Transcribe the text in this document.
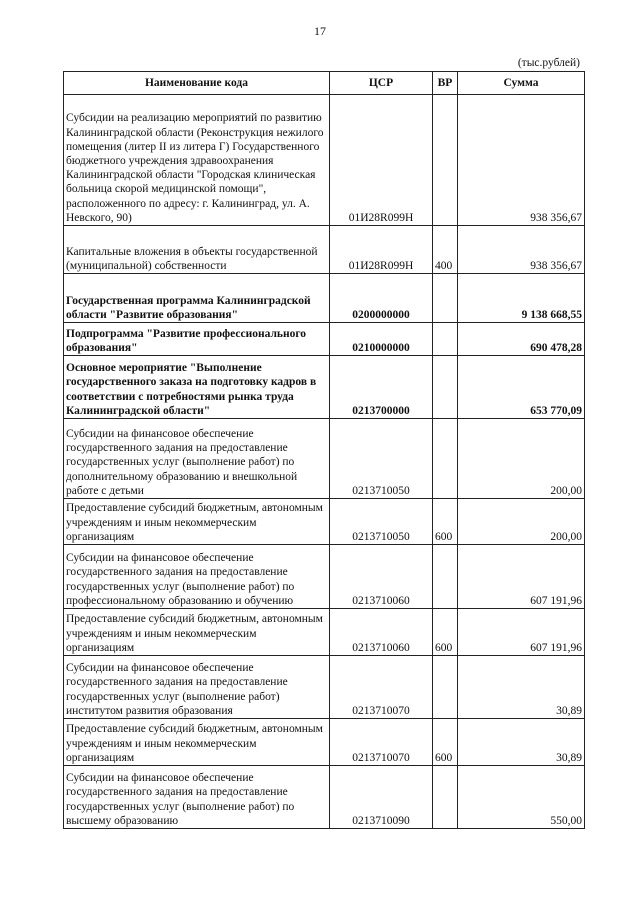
17
(тыс.рублей)
Наименование кода	ЦСР	ВР	Сумма
Субсидии на реализацию мероприятий по развитию Калининградской области (Реконструкция нежилого помещения (литер II из литера Г) Государственного бюджетного учреждения здравоохранения Калининградской области "Городская клиническая больница скорой медицинской помощи", расположенного по адресу: г. Калининград, ул. А. Невского, 90)	01И28R099Н		938 356,67
Капитальные вложения в объекты государственной (муниципальной) собственности	01И28R099Н	400	938 356,67
Государственная программа Калининградской области "Развитие образования"	0200000000		9 138 668,55
Подпрограмма "Развитие профессионального образования"	0210000000		690 478,28
Основное мероприятие "Выполнение государственного заказа на подготовку кадров в соответствии с потребностями рынка труда Калининградской области"	0213700000		653 770,09
Субсидии на финансовое обеспечение государственного задания на предоставление государственных услуг (выполнение работ) по дополнительному образованию и внешкольной работе с детьми	0213710050		200,00
Предоставление субсидий бюджетным, автономным учреждениям и иным некоммерческим организациям	0213710050	600	200,00
Субсидии на финансовое обеспечение государственного задания на предоставление государственных услуг (выполнение работ) по профессиональному образованию и обучению	0213710060		607 191,96
Предоставление субсидий бюджетным, автономным учреждениям и иным некоммерческим организациям	0213710060	600	607 191,96
Субсидии на финансовое обеспечение государственного задания на предоставление государственных услуг (выполнение работ) институтом развития образования	0213710070		30,89
Предоставление субсидий бюджетным, автономным учреждениям и иным некоммерческим организациям	0213710070	600	30,89
Субсидии на финансовое обеспечение государственного задания на предоставление государственных услуг (выполнение работ) по высшему образованию	0213710090		550,00
